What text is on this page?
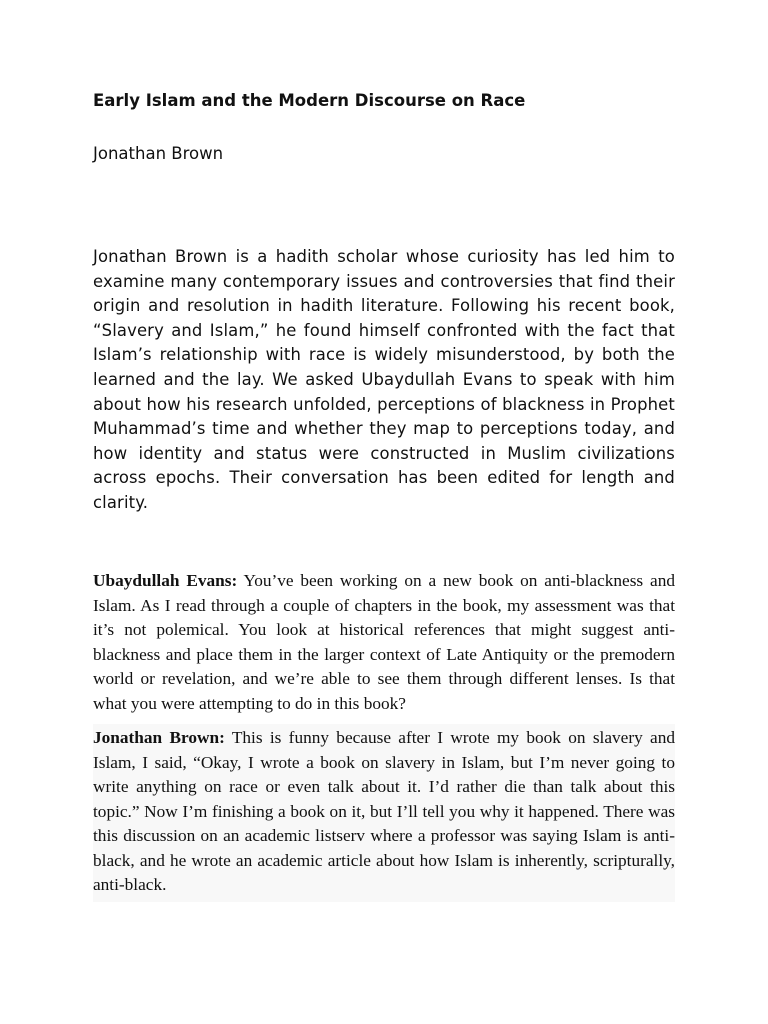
Early Islam and the Modern Discourse on Race

Jonathan Brown

Jonathan Brown is a hadith scholar whose curiosity has led him to examine many contemporary issues and controversies that find their origin and resolution in hadith literature. Following his recent book, “Slavery and Islam,” he found himself confronted with the fact that Islam’s relationship with race is widely misunderstood, by both the learned and the lay. We asked Ubaydullah Evans to speak with him about how his research unfolded, perceptions of blackness in Prophet Muhammad’s time and whether they map to perceptions today, and how identity and status were constructed in Muslim civilizations across epochs. Their conversation has been edited for length and clarity.

Ubaydullah Evans: You’ve been working on a new book on anti-blackness and Islam. As I read through a couple of chapters in the book, my assessment was that it’s not polemical. You look at historical references that might suggest anti-blackness and place them in the larger context of Late Antiquity or the premodern world or revelation, and we’re able to see them through different lenses. Is that what you were attempting to do in this book?

Jonathan Brown: This is funny because after I wrote my book on slavery and Islam, I said, “Okay, I wrote a book on slavery in Islam, but I’m never going to write anything on race or even talk about it. I’d rather die than talk about this topic.” Now I’m finishing a book on it, but I’ll tell you why it happened. There was this discussion on an academic listserv where a professor was saying Islam is anti-black, and he wrote an academic article about how Islam is inherently, scripturally, anti-black.
